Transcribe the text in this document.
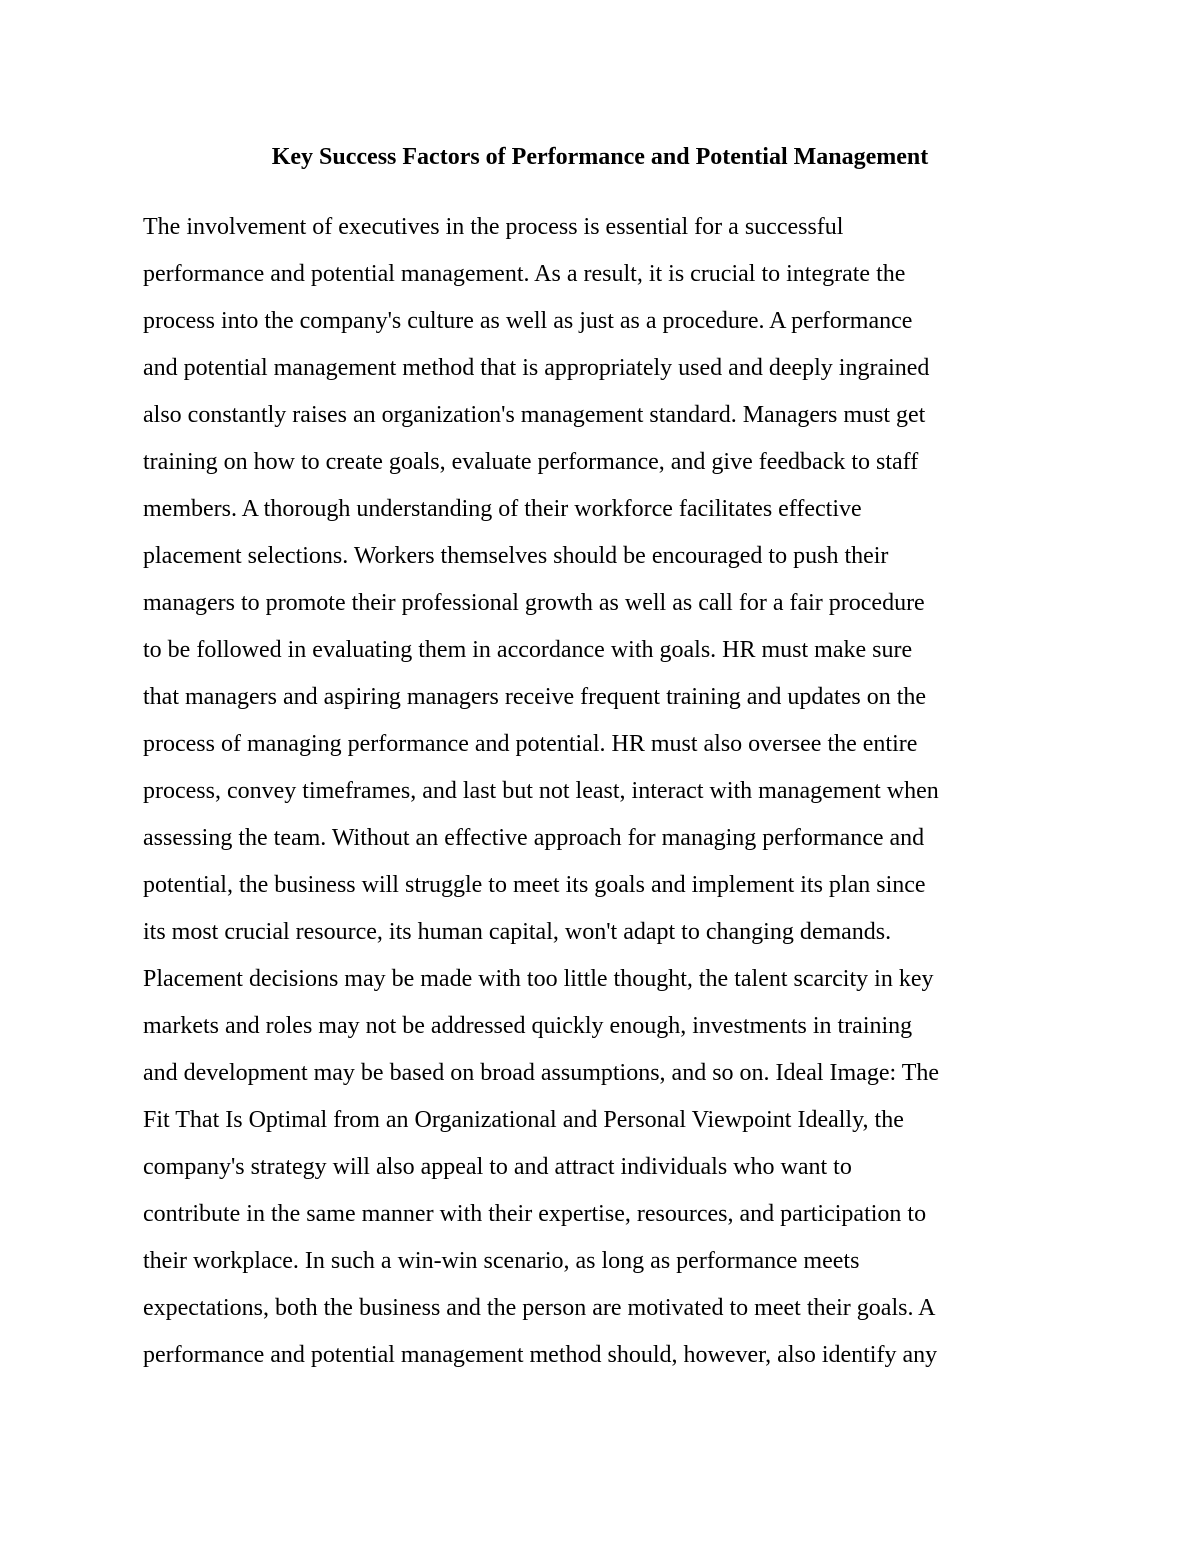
Key Success Factors of Performance and Potential Management
The involvement of executives in the process is essential for a successful
performance and potential management. As a result, it is crucial to integrate the
process into the company's culture as well as just as a procedure. A performance
and potential management method that is appropriately used and deeply ingrained
also constantly raises an organization's management standard. Managers must get
training on how to create goals, evaluate performance, and give feedback to staff
members. A thorough understanding of their workforce facilitates effective
placement selections. Workers themselves should be encouraged to push their
managers to promote their professional growth as well as call for a fair procedure
to be followed in evaluating them in accordance with goals. HR must make sure
that managers and aspiring managers receive frequent training and updates on the
process of managing performance and potential. HR must also oversee the entire
process, convey timeframes, and last but not least, interact with management when
assessing the team. Without an effective approach for managing performance and
potential, the business will struggle to meet its goals and implement its plan since
its most crucial resource, its human capital, won't adapt to changing demands.
Placement decisions may be made with too little thought, the talent scarcity in key
markets and roles may not be addressed quickly enough, investments in training
and development may be based on broad assumptions, and so on. Ideal Image: The
Fit That Is Optimal from an Organizational and Personal Viewpoint Ideally, the
company's strategy will also appeal to and attract individuals who want to
contribute in the same manner with their expertise, resources, and participation to
their workplace. In such a win-win scenario, as long as performance meets
expectations, both the business and the person are motivated to meet their goals. A
performance and potential management method should, however, also identify any
